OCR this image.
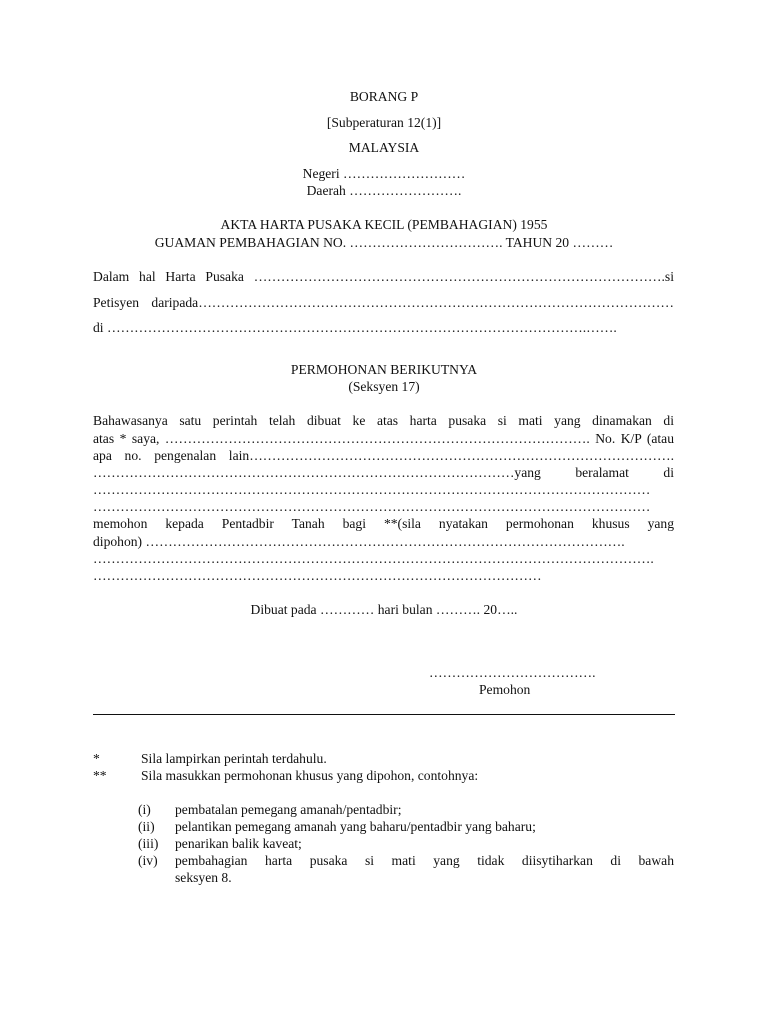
BORANG P
[Subperaturan 12(1)]
MALAYSIA
Negeri ………………………
Daerah …………………….
AKTA HARTA PUSAKA KECIL (PEMBAHAGIAN) 1955
GUAMAN PEMBAHAGIAN NO. ……………………………. TAHUN 20 ………
Dalam hal Harta Pusaka ……………………………………………………………………………….si
Petisyen daripada……………………………………………………………………………………………
di …………………………………………………………………………………………….…….
PERMOHONAN BERIKUTNYA
(Seksyen 17)
Bahawasanya satu perintah telah dibuat ke atas harta pusaka si mati yang dinamakan di
atas * saya, …………………………………………………………………………………. No. K/P (atau
apa no. pengenalan lain………………………………………………………………………………….
…………………………………………………………………………………yang beralamat di
……………………………………………………………………………………………………………
……………………………………………………………………………………………………………
memohon kepada Pentadbir Tanah bagi **(sila nyatakan permohonan khusus yang
dipohon) …………………………………………………………………………………………….
…………………………………………………………………………………………………………….
………………………………………………………………………………………
Dibuat pada ………… hari bulan ………. 20…..
……………………………….
Pemohon
*	Sila lampirkan perintah terdahulu.
**	Sila masukkan permohonan khusus yang dipohon, contohnya:
(i) pembatalan pemegang amanah/pentadbir;
(ii) pelantikan pemegang amanah yang baharu/pentadbir yang baharu;
(iii) penarikan balik kaveat;
(iv) pembahagian harta pusaka si mati yang tidak diisytiharkan di bawah
seksyen 8.
